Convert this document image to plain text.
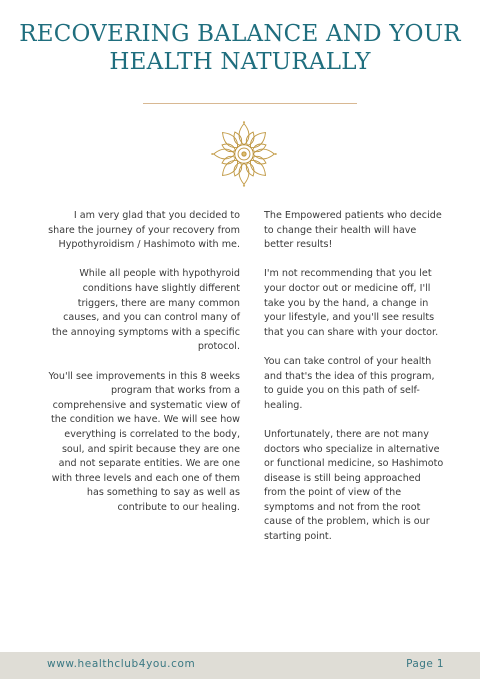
RECOVERING BALANCE AND YOUR
HEALTH NATURALLY

I am very glad that you decided to share the journey of your recovery from Hypothyroidism / Hashimoto with me.

While all people with hypothyroid conditions have slightly different triggers, there are many common causes, and you can control many of the annoying symptoms with a specific protocol.

You'll see improvements in this 8 weeks program that works from a comprehensive and systematic view of the condition we have. We will see how everything is correlated to the body, soul, and spirit because they are one and not separate entities. We are one with three levels and each one of them has something to say as well as contribute to our healing.

The Empowered patients who decide to change their health will have better results!

I'm not recommending that you let your doctor out or medicine off, I'll take you by the hand, a change in your lifestyle, and you'll see results that you can share with your doctor.

You can take control of your health and that's the idea of this program, to guide you on this path of self-healing.

Unfortunately, there are not many doctors who specialize in alternative or functional medicine, so Hashimoto disease is still being approached from the point of view of the symptoms and not from the root cause of the problem, which is our starting point.

www.healthclub4you.com	Page 1
